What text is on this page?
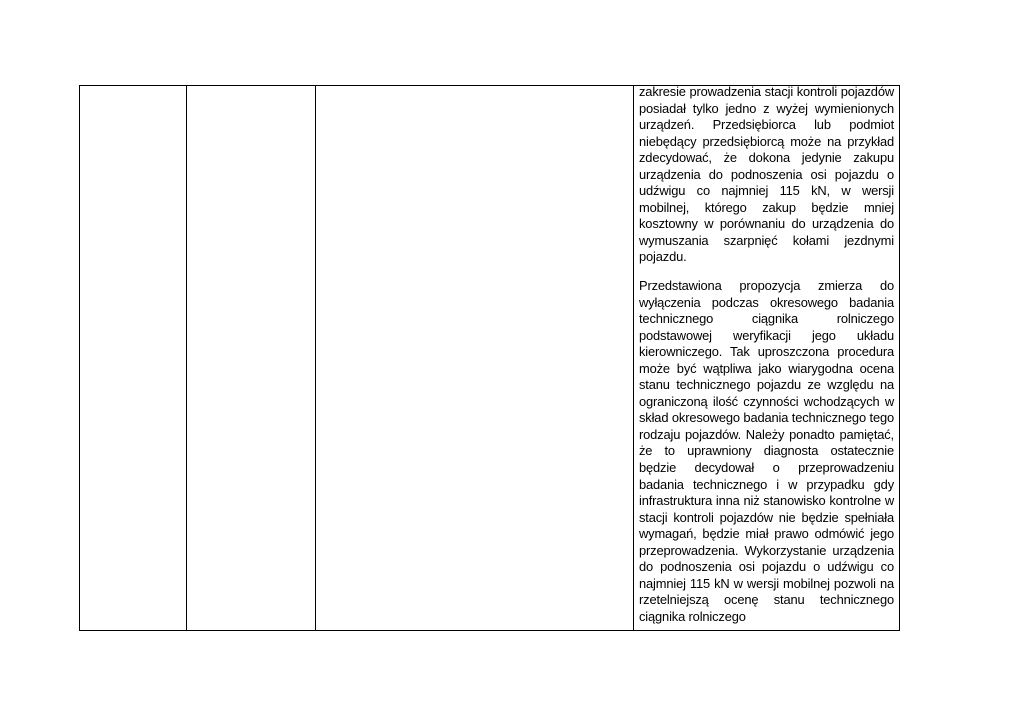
zakresie prowadzenia stacji kontroli pojazdów posiadał tylko jedno z wyżej wymienionych urządzeń. Przedsiębiorca lub podmiot niebędący przedsiębiorcą może na przykład zdecydować, że dokona jedynie zakupu urządzenia do podnoszenia osi pojazdu o udźwigu co najmniej 115 kN, w wersji mobilnej, którego zakup będzie mniej kosztowny w porównaniu do urządzenia do wymuszania szarpnięć kołami jezdnymi pojazdu.

Przedstawiona propozycja zmierza do wyłączenia podczas okresowego badania technicznego ciągnika rolniczego podstawowej weryfikacji jego układu kierowniczego. Tak uproszczona procedura może być wątpliwa jako wiarygodna ocena stanu technicznego pojazdu ze względu na ograniczoną ilość czynności wchodzących w skład okresowego badania technicznego tego rodzaju pojazdów. Należy ponadto pamiętać, że to uprawniony diagnosta ostatecznie będzie decydował o przeprowadzeniu badania technicznego i w przypadku gdy infrastruktura inna niż stanowisko kontrolne w stacji kontroli pojazdów nie będzie spełniała wymagań, będzie miał prawo odmówić jego przeprowadzenia. Wykorzystanie urządzenia do podnoszenia osi pojazdu o udźwigu co najmniej 115 kN w wersji mobilnej pozwoli na rzetelniejszą ocenę stanu technicznego ciągnika rolniczego
